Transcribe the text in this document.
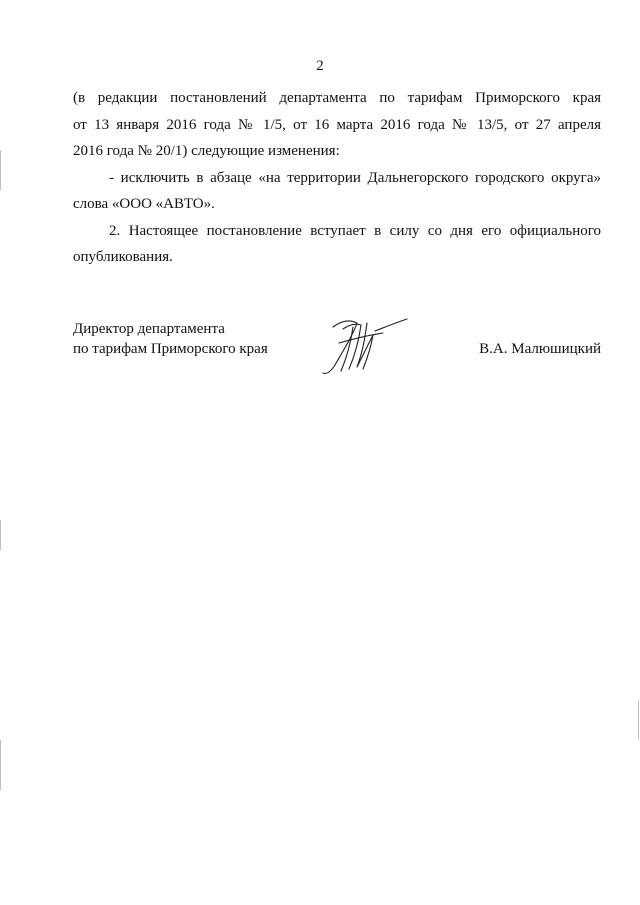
2

(в редакции постановлений департамента по тарифам Приморского края
от 13 января 2016 года № 1/5, от 16 марта 2016 года № 13/5, от 27 апреля
2016 года № 20/1) следующие изменения:

- исключить в абзаце «на территории Дальнегорского городского округа»
слова «ООО «АВТО».

2. Настоящее постановление вступает в силу со дня его официального
опубликования.

Директор департамента
по тарифам Приморского края	В.А. Малюшицкий
